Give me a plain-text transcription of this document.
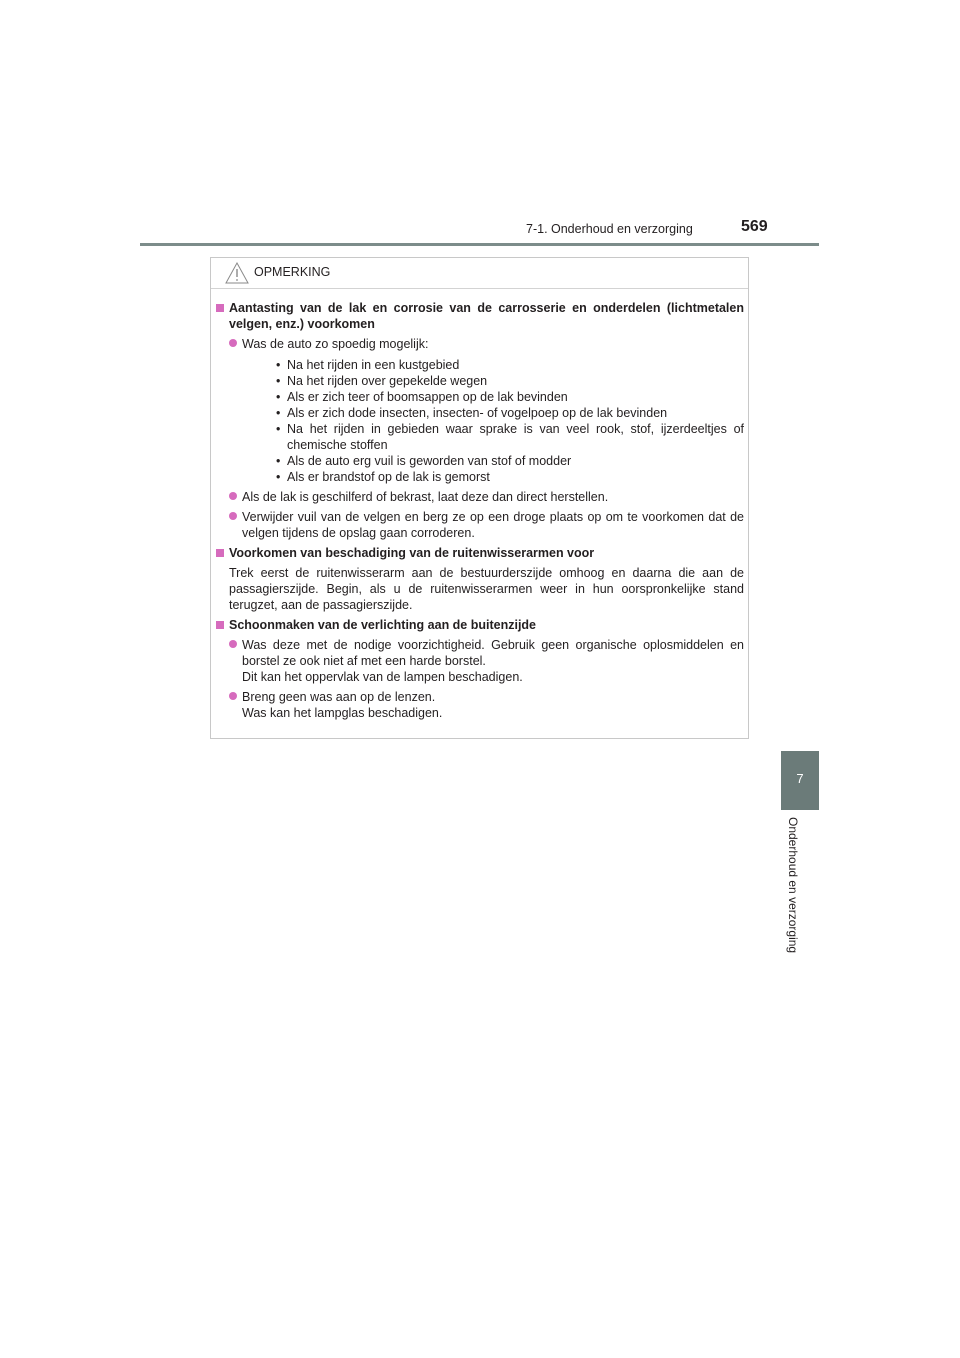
7-1. Onderhoud en verzorging	569
7
Onderhoud en verzorging
OPMERKING
Aantasting van de lak en corrosie van de carrosserie en onderdelen (lichtmetalen velgen, enz.) voorkomen
Was de auto zo spoedig mogelijk:
• Na het rijden in een kustgebied
• Na het rijden over gepekelde wegen
• Als er zich teer of boomsappen op de lak bevinden
• Als er zich dode insecten, insecten- of vogelpoep op de lak bevinden
• Na het rijden in gebieden waar sprake is van veel rook, stof, ijzerdeeltjes of chemische stoffen
• Als de auto erg vuil is geworden van stof of modder
• Als er brandstof op de lak is gemorst
Als de lak is geschilferd of bekrast, laat deze dan direct herstellen.
Verwijder vuil van de velgen en berg ze op een droge plaats op om te voorkomen dat de velgen tijdens de opslag gaan corroderen.
Voorkomen van beschadiging van de ruitenwisserarmen voor
Trek eerst de ruitenwisserarm aan de bestuurderszijde omhoog en daarna die aan de passagierszijde. Begin, als u de ruitenwisserarmen weer in hun oorspronkelijke stand terugzet, aan de passagierszijde.
Schoonmaken van de verlichting aan de buitenzijde
Was deze met de nodige voorzichtigheid. Gebruik geen organische oplosmiddelen en borstel ze ook niet af met een harde borstel.
Dit kan het oppervlak van de lampen beschadigen.
Breng geen was aan op de lenzen.
Was kan het lampglas beschadigen.
